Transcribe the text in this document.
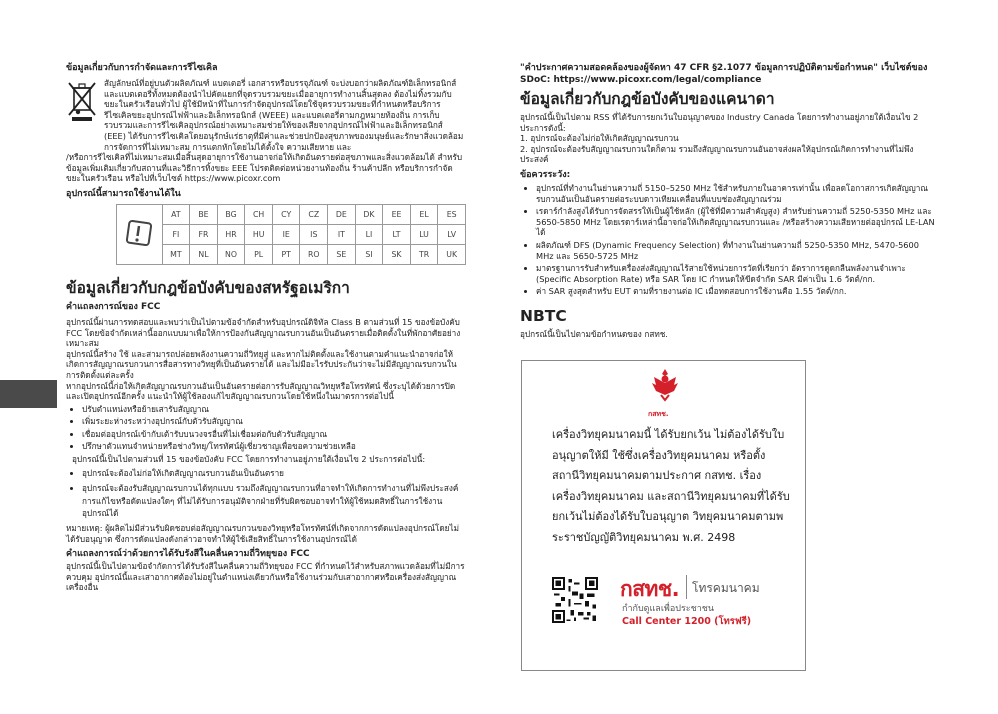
ข้อมูลเกี่ยวกับการกำจัดและการรีไซเคิล
สัญลักษณ์ที่อยู่บนตัวผลิตภัณฑ์ แบตเตอรี่ เอกสารหรือบรรจุภัณฑ์ จะบ่งบอกว่าผลิตภัณฑ์อิเล็กทรอนิกส์และแบตเตอรี่ทั้งหมดต้องนำไปคัดแยกที่จุดรวบรวมขยะเมื่ออายุการทำงานสิ้นสุดลง ต้องไม่ทิ้งรวมกับขยะในครัวเรือนทั่วไป ผู้ใช้มีหน้าที่ในการกำจัดอุปกรณ์โดยใช้จุดรวบรวมขยะที่กำหนดหรือบริการรีไซเคิลขยะอุปกรณ์ไฟฟ้าและอิเล็กทรอนิกส์ (WEEE) และแบตเตอรี่ตามกฎหมายท้องถิ่น การเก็บรวบรวมและการรีไซเคิลอุปกรณ์อย่างเหมาะสมช่วยให้ของเสียจากอุปกรณ์ไฟฟ้าและอิเล็กทรอนิกส์ (EEE) ได้รับการรีไซเคิลโดยอนุรักษ์แร่ธาตุที่มีค่าและช่วยปกป้องสุขภาพของมนุษย์และรักษาสิ่งแวดล้อม การจัดการที่ไม่เหมาะสม การแตกหักโดยไม่ได้ตั้งใจ ความเสียหาย และ
/หรือการรีไซเคิลที่ไม่เหมาะสมเมื่อสิ้นสุดอายุการใช้งานอาจก่อให้เกิดอันตรายต่อสุขภาพและสิ่งแวดล้อมได้ สำหรับข้อมูลเพิ่มเติมเกี่ยวกับสถานที่และวิธีการทิ้งขยะ EEE โปรดติดต่อหน่วยงานท้องถิ่น ร้านค้าปลีก หรือบริการกำจัดขยะในครัวเรือน หรือไปที่เว็บไซต์ https://www.picoxr.com
อุปกรณ์นี้สามารถใช้งานได้ใน
	AT	BE	BG	CH	CY	CZ	DE	DK	EE	EL	ES
	FI	FR	HR	HU	IE	IS	IT	LI	LT	LU	LV
	MT	NL	NO	PL	PT	RO	SE	SI	SK	TR	UK
ข้อมูลเกี่ยวกับกฎข้อบังคับของสหรัฐอเมริกา
คำแถลงการณ์ของ FCC
อุปกรณ์นี้ผ่านการทดสอบและพบว่าเป็นไปตามข้อจำกัดสำหรับอุปกรณ์ดิจิทัล Class B ตามส่วนที่ 15 ของข้อบังคับ FCC โดยข้อจำกัดเหล่านี้ออกแบบมาเพื่อให้การป้องกันสัญญาณรบกวนอันเป็นอันตรายเมื่อติดตั้งในที่พักอาศัยอย่างเหมาะสม
อุปกรณ์นี้สร้าง ใช้ และสามารถปล่อยพลังงานความถี่วิทยุสู่ และหากไม่ติดตั้งและใช้งานตามคำแนะนำอาจก่อให้เกิดการสัญญาณรบกวนการสื่อสารทางวิทยุที่เป็นอันตรายได้ และไม่มีอะไรรับประกันว่าจะไม่มีสัญญาณรบกวนในการติดตั้งแต่ละครั้ง
หากอุปกรณ์นี้ก่อให้เกิดสัญญาณรบกวนอันเป็นอันตรายต่อการรับสัญญาณวิทยุหรือโทรทัศน์ ซึ่งระบุได้ด้วยการปิดและเปิดอุปกรณ์อีกครั้ง แนะนำให้ผู้ใช้ลองแก้ไขสัญญาณรบกวนโดยใช้หนึ่งในมาตรการต่อไปนี้
• ปรับตำแหน่งหรือย้ายเสารับสัญญาณ
• เพิ่มระยะห่างระหว่างอุปกรณ์กับตัวรับสัญญาณ
• เชื่อมต่ออุปกรณ์เข้ากับเต้ารับบนวงจรอื่นที่ไม่เชื่อมต่อกับตัวรับสัญญาณ
• ปรึกษาตัวแทนจำหน่ายหรือช่างวิทยุ/โทรทัศน์ผู้เชี่ยวชาญเพื่อขอความช่วยเหลือ
อุปกรณ์นี้เป็นไปตามส่วนที่ 15 ของข้อบังคับ FCC โดยการทำงานอยู่ภายใต้เงื่อนไข 2 ประการต่อไปนี้:
• อุปกรณ์จะต้องไม่ก่อให้เกิดสัญญาณรบกวนอันเป็นอันตราย
• อุปกรณ์จะต้องรับสัญญาณรบกวนได้ทุกแบบ รวมถึงสัญญาณรบกวนที่อาจทำให้เกิดการทำงานที่ไม่พึงประสงค์ การแก้ไขหรือดัดแปลงใดๆ ที่ไม่ได้รับการอนุมัติจากฝ่ายที่รับผิดชอบอาจทำให้ผู้ใช้หมดสิทธิ์ในการใช้งานอุปกรณ์ได้
หมายเหตุ: ผู้ผลิตไม่มีส่วนรับผิดชอบต่อสัญญาณรบกวนของวิทยุหรือโทรทัศน์ที่เกิดจากการดัดแปลงอุปกรณ์โดยไม่ได้รับอนุญาต ซึ่งการดัดแปลงดังกล่าวอาจทำให้ผู้ใช้เสียสิทธิ์ในการใช้งานอุปกรณ์ได้
คำแถลงการณ์ว่าด้วยการได้รับรังสีในคลื่นความถี่วิทยุของ FCC
อุปกรณ์นี้เป็นไปตามข้อจำกัดการได้รับรังสีในคลื่นความถี่วิทยุของ FCC ที่กำหนดไว้สำหรับสภาพแวดล้อมที่ไม่มีการควบคุม อุปกรณ์นี้และเสาอากาศต้องไม่อยู่ในตำแหน่งเดียวกันหรือใช้งานร่วมกับเสาอากาศหรือเครื่องส่งสัญญาณเครื่องอื่น
"คำประกาศความสอดคล้องของผู้จัดหา 47 CFR §2.1077 ข้อมูลการปฏิบัติตามข้อกำหนด" เว็บไซต์ของ SDoC: https://www.picoxr.com/legal/compliance
ข้อมูลเกี่ยวกับกฎข้อบังคับของแคนาดา
อุปกรณ์นี้เป็นไปตาม RSS ที่ได้รับการยกเว้นใบอนุญาตของ Industry Canada โดยการทำงานอยู่ภายใต้เงื่อนไข 2 ประการดังนี้:
1. อุปกรณ์จะต้องไม่ก่อให้เกิดสัญญาณรบกวน
2. อุปกรณ์จะต้องรับสัญญาณรบกวนใดก็ตาม รวมถึงสัญญาณรบกวนอันอาจส่งผลให้อุปกรณ์เกิดการทำงานที่ไม่พึงประสงค์
ข้อควรระวัง:
• อุปกรณ์ที่ทำงานในย่านความถี่ 5150–5250 MHz ใช้สำหรับภายในอาคารเท่านั้น เพื่อลดโอกาสการเกิดสัญญาณรบกวนอันเป็นอันตรายต่อระบบดาวเทียมเคลื่อนที่แบบช่องสัญญาณร่วม
• เรดาร์กำลังสูงได้รับการจัดสรรให้เป็นผู้ใช้หลัก (ผู้ใช้ที่มีความสำคัญสูง) สำหรับย่านความถี่ 5250-5350 MHz และ 5650-5850 MHz โดยเรดาร์เหล่านี้อาจก่อให้เกิดสัญญาณรบกวนและ /หรือสร้างความเสียหายต่ออุปกรณ์ LE-LAN ได้
• ผลิตภัณฑ์ DFS (Dynamic Frequency Selection) ที่ทำงานในย่านความถี่ 5250-5350 MHz, 5470-5600 MHz และ 5650-5725 MHz
• มาตรฐานการรับสำหรับเครื่องส่งสัญญาณไร้สายใช้หน่วยการวัดที่เรียกว่า อัตราการดูดกลืนพลังงานจำเพาะ (Specific Absorption Rate) หรือ SAR โดย IC กำหนดให้ขีดจำกัด SAR มีค่าเป็น 1.6 วัตต์/กก.
• ค่า SAR สูงสุดสำหรับ EUT ตามที่รายงานต่อ IC เมื่อทดสอบการใช้งานคือ 1.55 วัตต์/กก.
NBTC
อุปกรณ์นี้เป็นไปตามข้อกำหนดของ กสทช.
กสทช.
เครื่องวิทยุคมนาคมนี้ ได้รับยกเว้น ไม่ต้องได้รับใบอนุญาตให้มี ใช้ซึ่งเครื่องวิทยุคมนาคม หรือตั้งสถานีวิทยุคมนาคมตามประกาศ กสทช. เรื่อง เครื่องวิทยุคมนาคม และสถานีวิทยุคมนาคมที่ได้รับยกเว้นไม่ต้องได้รับใบอนุญาต วิทยุคมนาคมตามพระราชบัญญัติวิทยุคมนาคม พ.ศ. 2498
กสทช. โทรคมนาคม
กำกับดูแลเพื่อประชาชน
Call Center 1200 (โทรฟรี)
